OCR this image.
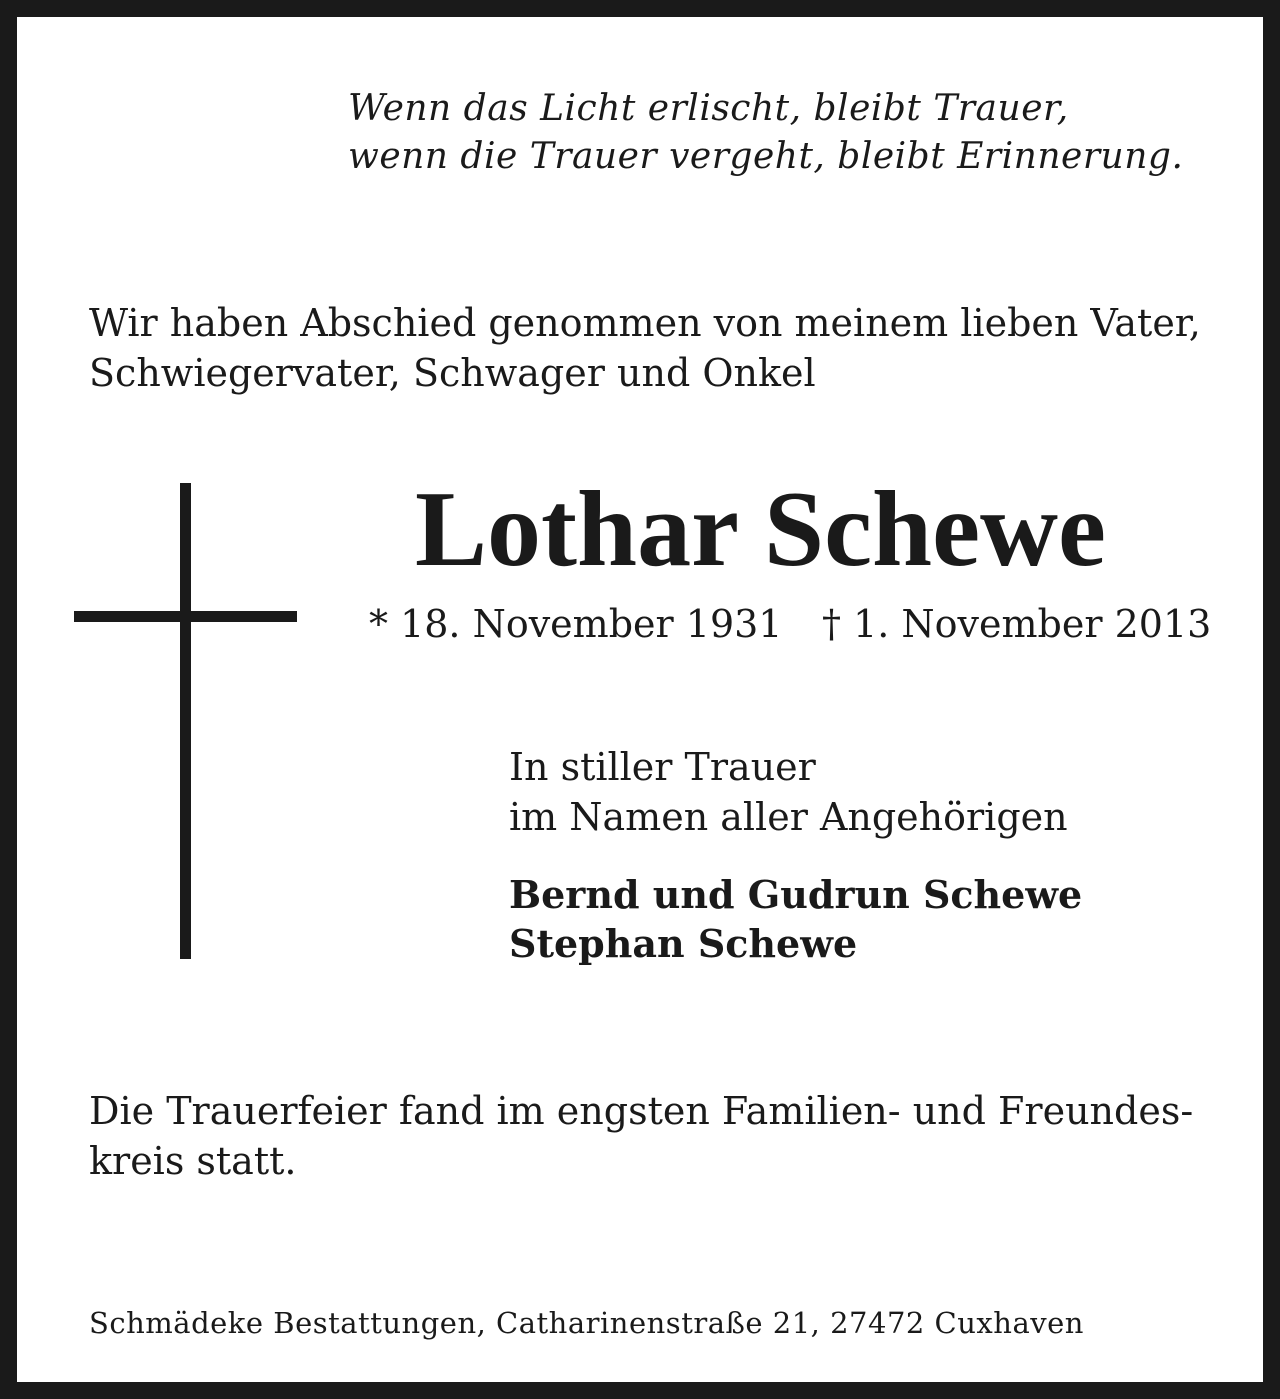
Wenn das Licht erlischt, bleibt Trauer,

wenn die Trauer vergeht, bleibt Erinnerung.

Wir haben Abschied genommen von meinem lieben Vater,

Schwiegervater, Schwager und Onkel

Lothar Schewe

* 18. November 1931 † 1. November 2013

In stiller Trauer

im Namen aller Angehörigen

Bernd und Gudrun Schewe

Stephan Schewe

Die Trauerfeier fand im engsten Familien- und Freundes-

kreis statt.

Schmädeke Bestattungen, Catharinenstraße 21, 27472 Cuxhaven
